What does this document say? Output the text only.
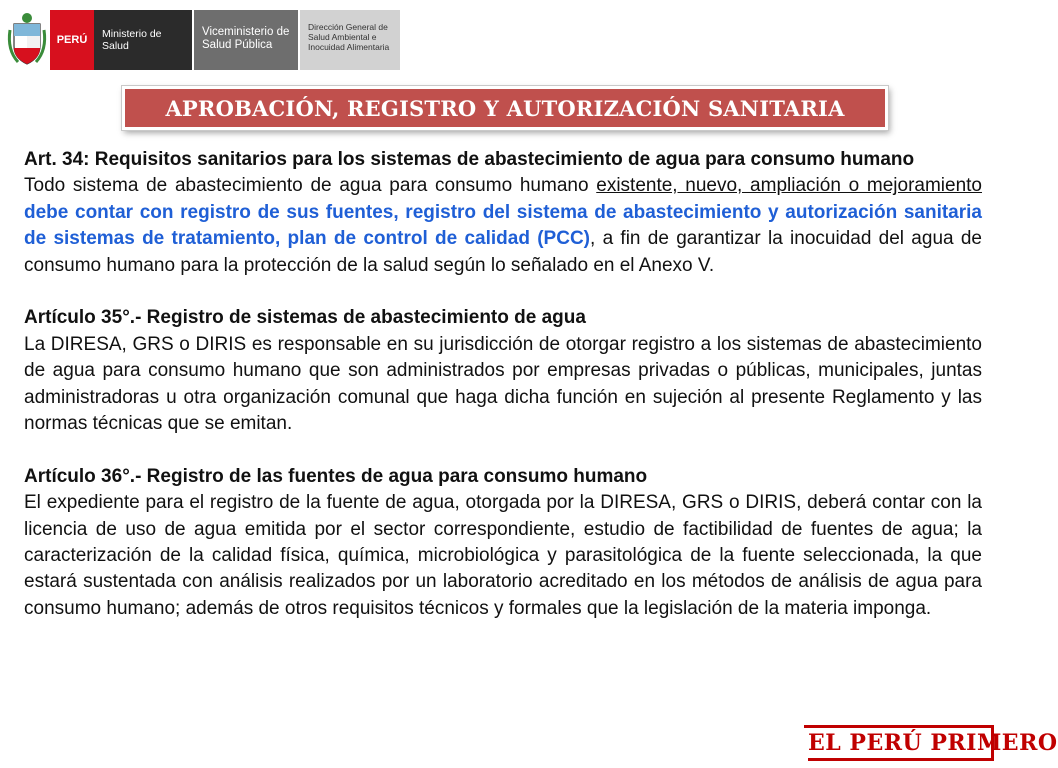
PERÚ	Ministerio de Salud
Viceministerio de Salud Pública
Dirección General de Salud Ambiental e Inocuidad Alimentaria
APROBACIÓN, REGISTRO Y AUTORIZACIÓN SANITARIA
Art. 34: Requisitos sanitarios para los sistemas de abastecimiento de agua para consumo humano
Todo sistema de abastecimiento de agua para consumo humano existente, nuevo, ampliación o mejoramiento debe contar con registro de sus fuentes, registro del sistema de abastecimiento y autorización sanitaria de sistemas de tratamiento, plan de control de calidad (PCC), a fin de garantizar la inocuidad del agua de consumo humano para la protección de la salud según lo señalado en el Anexo V.
Artículo 35°.- Registro de sistemas de abastecimiento de agua
La DIRESA, GRS o DIRIS es responsable en su jurisdicción de otorgar registro a los sistemas de abastecimiento de agua para consumo humano que son administrados por empresas privadas o públicas, municipales, juntas administradoras u otra organización comunal que haga dicha función en sujeción al presente Reglamento y las normas técnicas que se emitan.
Artículo 36°.- Registro de las fuentes de agua para consumo humano
El expediente para el registro de la fuente de agua, otorgada por la DIRESA, GRS o DIRIS, deberá contar con la licencia de uso de agua emitida por el sector correspondiente, estudio de factibilidad de fuentes de agua; la caracterización de la calidad física, química, microbiológica y parasitológica de la fuente seleccionada, la que estará sustentada con análisis realizados por un laboratorio acreditado en los métodos de análisis de agua para consumo humano; además de otros requisitos técnicos y formales que la legislación de la materia imponga.
EL PERÚ PRIMERO
